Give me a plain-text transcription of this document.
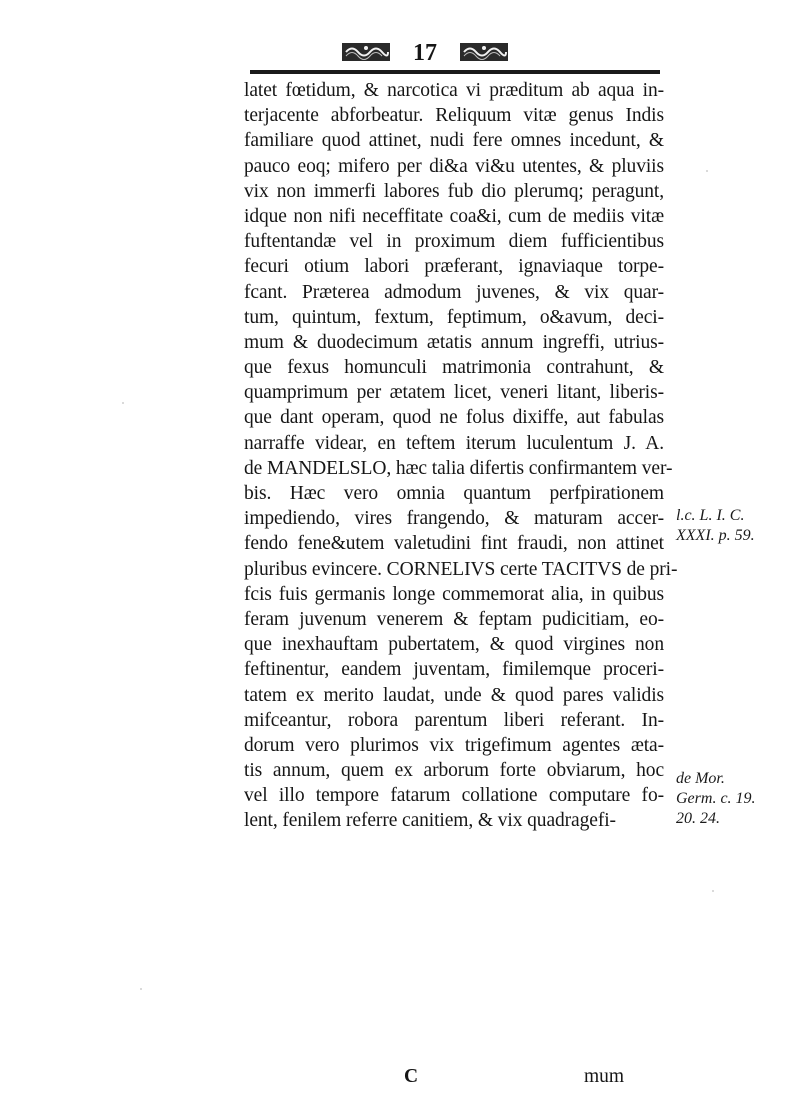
17
latet fœtidum, & narcotica vi præditum ab aqua in-
terjacente abforbeatur. Reliquum vitæ genus Indis
familiare quod attinet, nudi fere omnes incedunt, &
pauco eoq; mifero per di&a vi&u utentes, & pluviis
vix non immerfi labores fub dio plerumq; peragunt,
idque non nifi neceffitate coa&i, cum de mediis vitæ
fuftentandæ vel in proximum diem fufficientibus
fecuri otium labori præferant, ignaviaque torpe-
fcant. Præterea admodum juvenes, & vix quar-
tum, quintum, fextum, feptimum, o&avum, deci-
mum & duodecimum ætatis annum ingreffi, utrius-
que fexus homunculi matrimonia contrahunt, &
quamprimum per ætatem licet, veneri litant, liberis-
que dant operam, quod ne folus dixiffe, aut fabulas
narraffe videar, en teftem iterum luculentum J. A.
de MANDELSLO, hæc talia difertis confirmantem ver-
bis. Hæc vero omnia quantum perfpirationem
impediendo, vires frangendo, & maturam accer-
fendo fene&utem valetudini fint fraudi, non attinet
pluribus evincere. CORNELIVS certe TACITVS de pri-
fcis fuis germanis longe commemorat alia, in quibus
feram juvenum venerem & feptam pudicitiam, eo-
que inexhauftam pubertatem, & quod virgines non
feftinentur, eandem juventam, fimilemque proceri-
tatem ex merito laudat, unde & quod pares validis
mifceantur, robora parentum liberi referant. In-
dorum vero plurimos vix trigefimum agentes æta-
tis annum, quem ex arborum forte obviarum, hoc
vel illo tempore fatarum collatione computare fo-
lent, fenilem referre canitiem, & vix quadragefi-
C	mum
l.c. L. I. C.
XXXI. p. 59.
de Mor.
Germ. c. 19.
20. 24.
